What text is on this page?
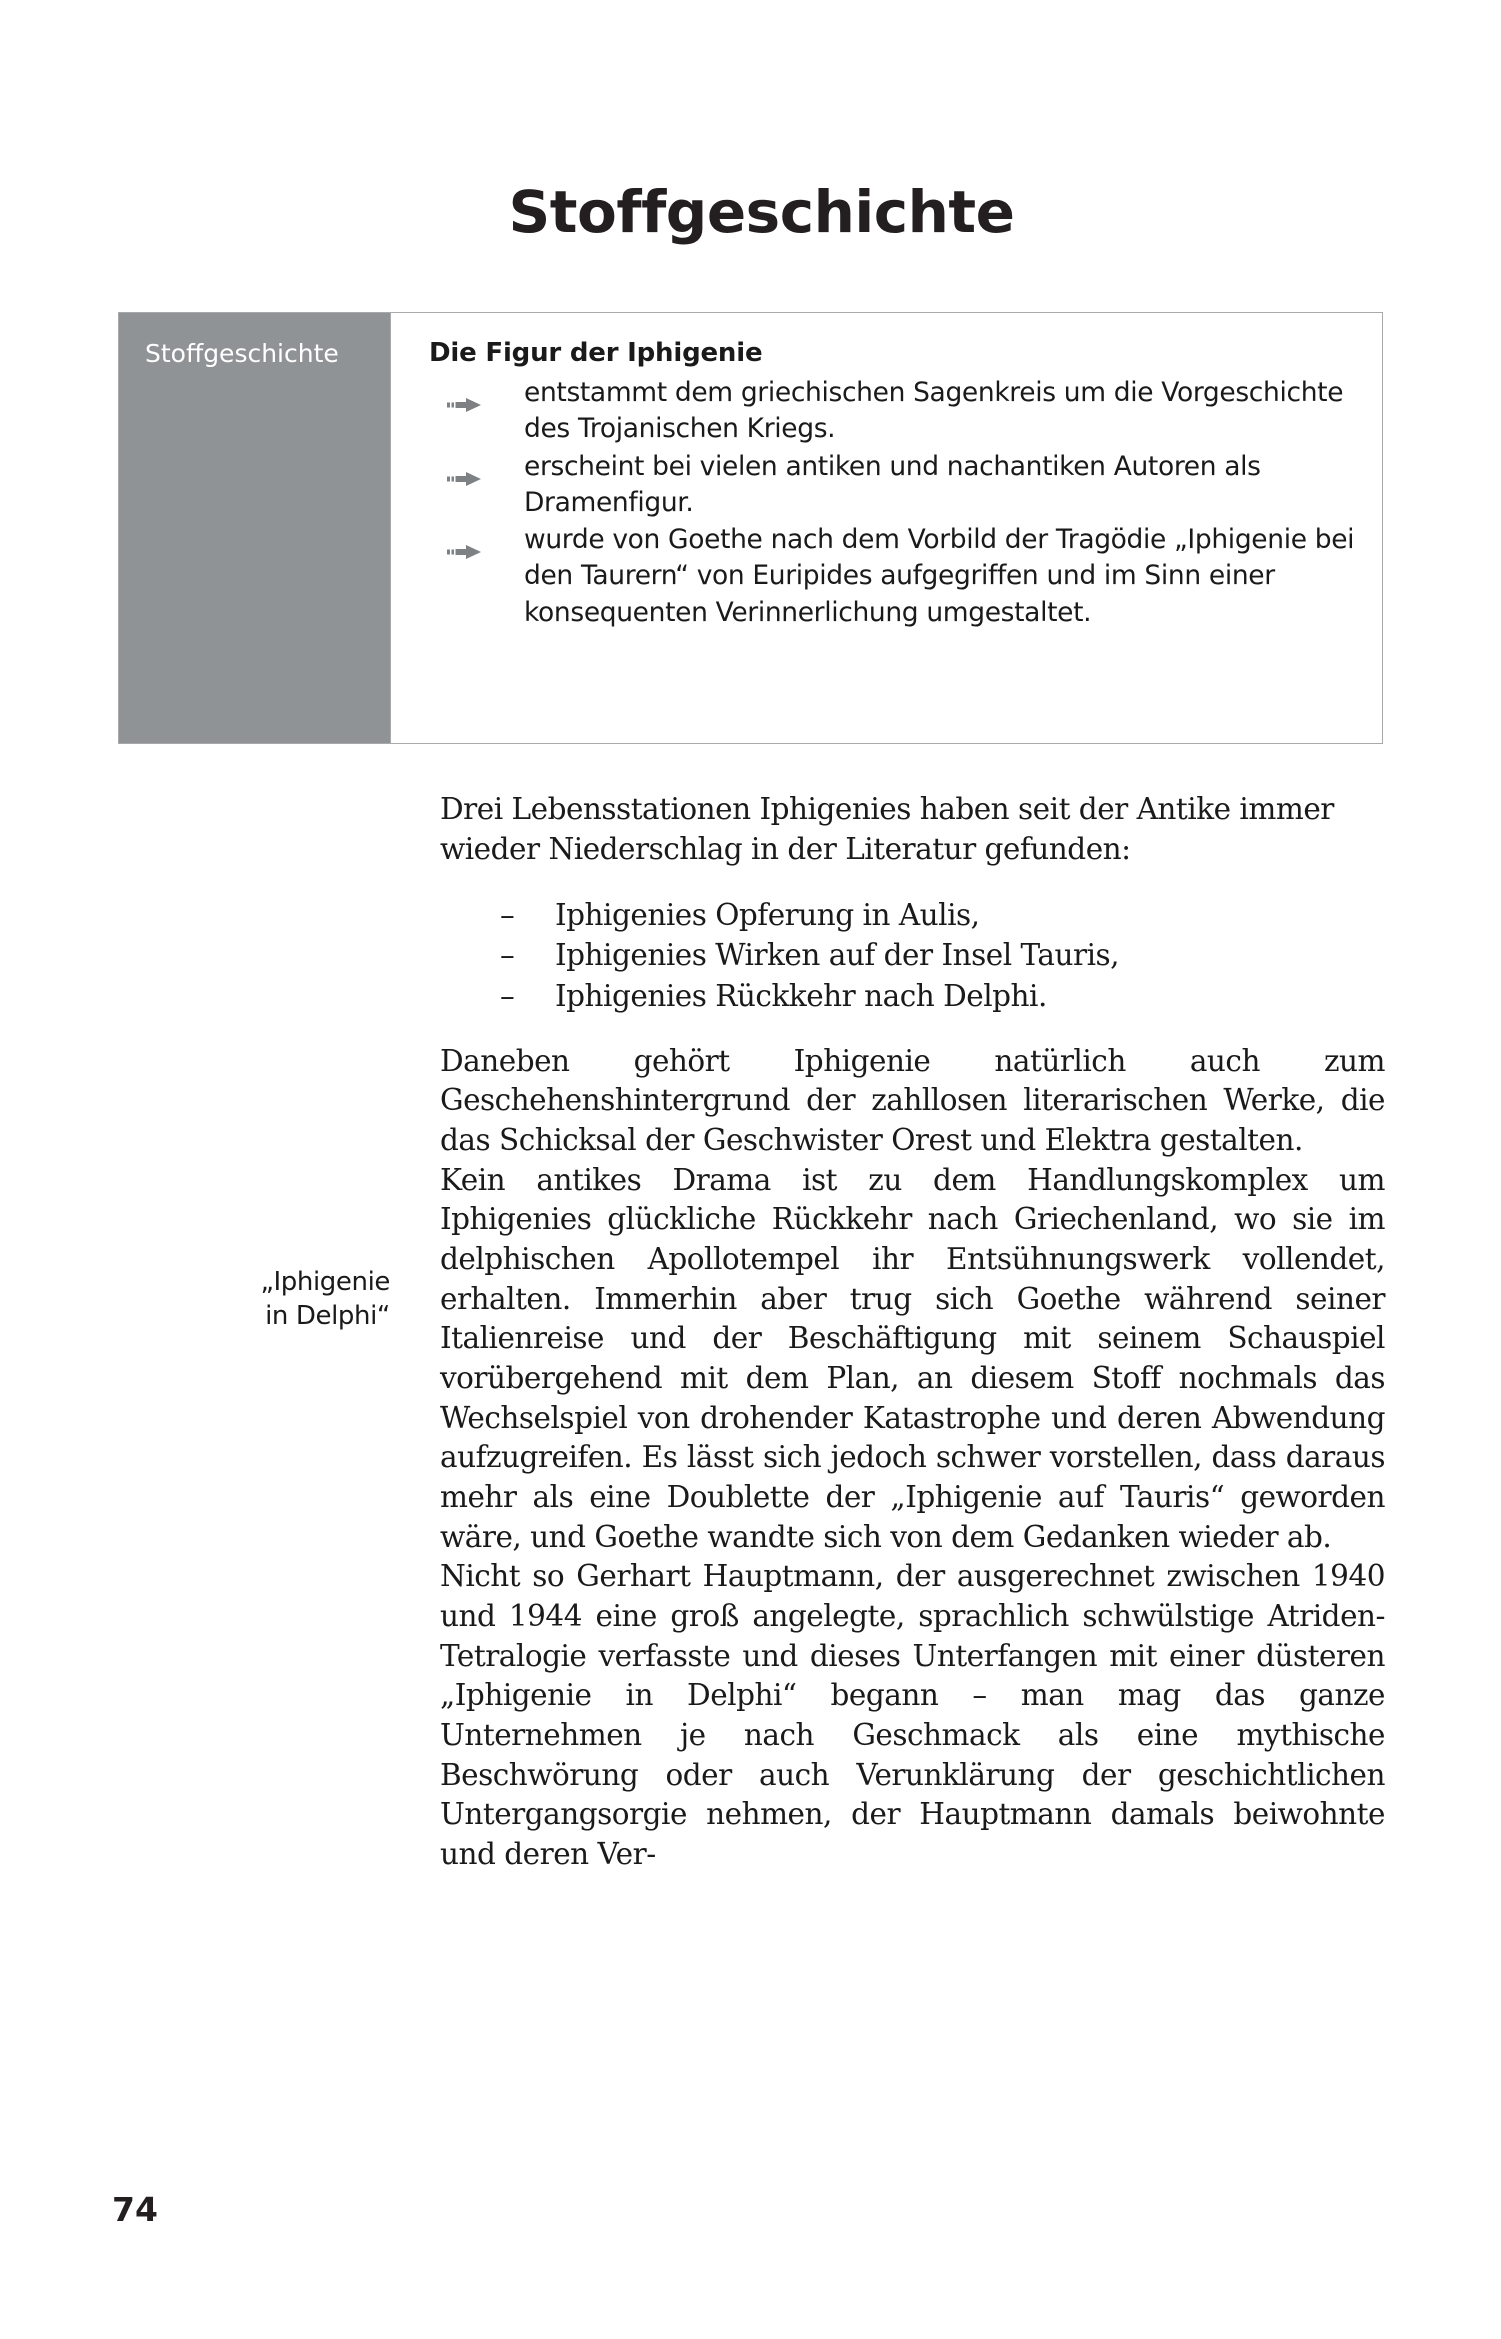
Stoffgeschichte
Stoffgeschichte	Die Figur der Iphigenie
entstammt dem griechischen Sagenkreis um die Vorgeschichte des Trojanischen Kriegs.
erscheint bei vielen antiken und nachantiken Autoren als Dramenfigur.
wurde von Goethe nach dem Vorbild der Tragödie „Iphigenie bei den Taurern“ von Euripides aufgegriffen und im Sinn einer konsequenten Verinnerlichung umgestaltet.
„Iphigenie
in Delphi“

Drei Lebensstationen Iphigenies haben seit der Antike immer wieder Niederschlag in der Literatur gefunden:

– Iphigenies Opferung in Aulis,
– Iphigenies Wirken auf der Insel Tauris,
– Iphigenies Rückkehr nach Delphi.

Daneben gehört Iphigenie natürlich auch zum Geschehenshintergrund der zahllosen literarischen Werke, die das Schicksal der Geschwister Orest und Elektra gestalten.

Kein antikes Drama ist zu dem Handlungskomplex um Iphigenies glückliche Rückkehr nach Griechenland, wo sie im delphischen Apollotempel ihr Entsühnungswerk vollendet, erhalten. Immerhin aber trug sich Goethe während seiner Italienreise und der Beschäftigung mit seinem Schauspiel vorübergehend mit dem Plan, an diesem Stoff nochmals das Wechselspiel von drohender Katastrophe und deren Abwendung aufzugreifen. Es lässt sich jedoch schwer vorstellen, dass daraus mehr als eine Doublette der „Iphigenie auf Tauris“ geworden wäre, und Goethe wandte sich von dem Gedanken wieder ab.

Nicht so Gerhart Hauptmann, der ausgerechnet zwischen 1940 und 1944 eine groß angelegte, sprachlich schwülstige Atriden-Tetralogie verfasste und dieses Unterfangen mit einer düsteren „Iphigenie in Delphi“ begann – man mag das ganze Unternehmen je nach Geschmack als eine mythische Beschwörung oder auch Verunklärung der geschichtlichen Untergangsorgie nehmen, der Hauptmann damals beiwohnte und deren Ver-

74
